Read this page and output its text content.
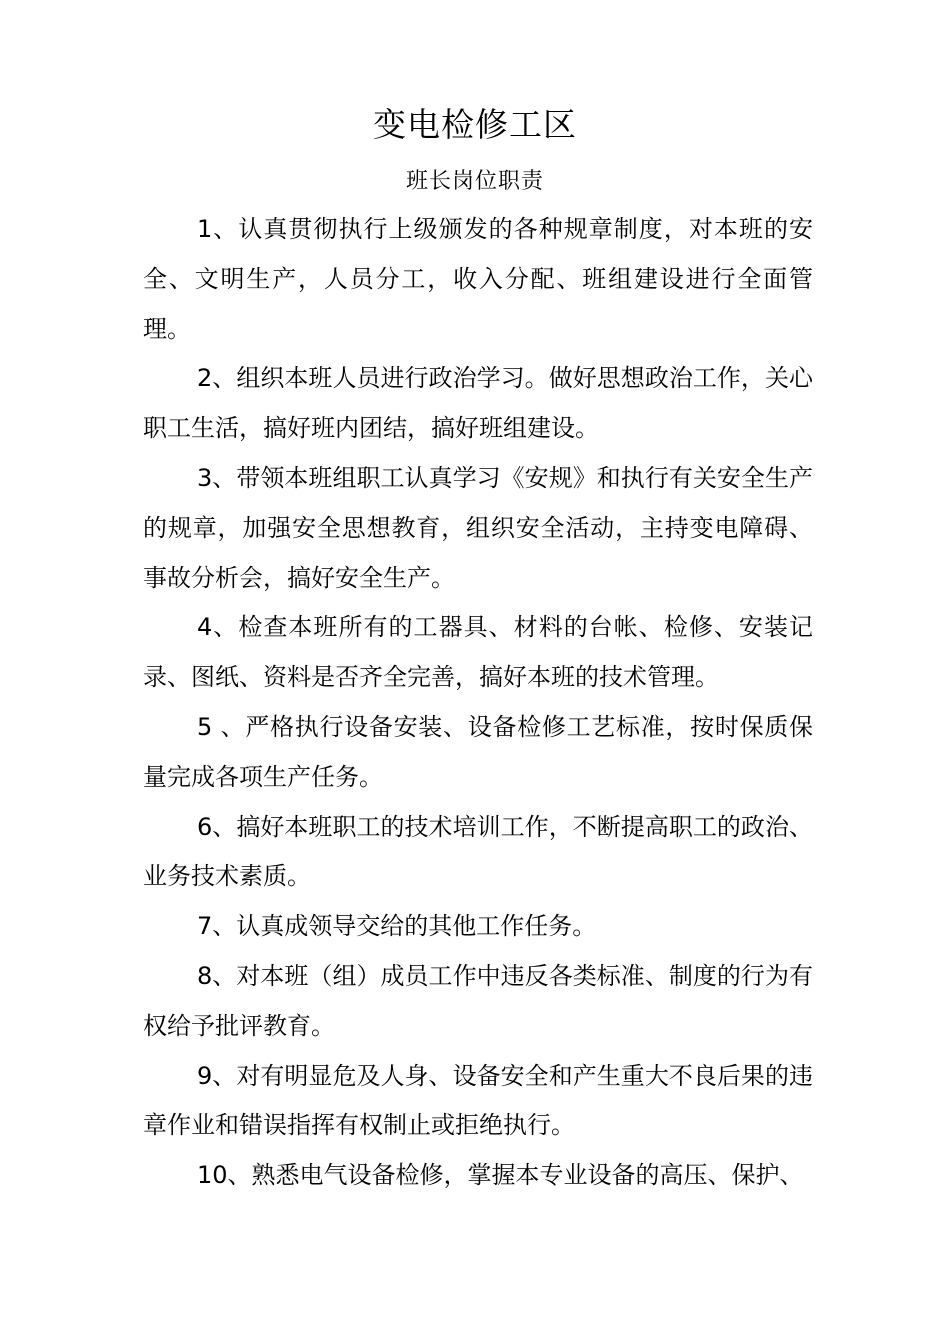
变电检修工区
班长岗位职责

1、认真贯彻执行上级颁发的各种规章制度，对本班的安全、文明生产，人员分工，收入分配、班组建设进行全面管理。

2、组织本班人员进行政治学习。做好思想政治工作，关心职工生活，搞好班内团结，搞好班组建设。

3、带领本班组职工认真学习《安规》和执行有关安全生产的规章，加强安全思想教育，组织安全活动，主持变电障碍、事故分析会，搞好安全生产。

4、检查本班所有的工器具、材料的台帐、检修、安装记录、图纸、资料是否齐全完善，搞好本班的技术管理。

5 、严格执行设备安装、设备检修工艺标准，按时保质保量完成各项生产任务。

6、搞好本班职工的技术培训工作，不断提高职工的政治、业务技术素质。

7、认真成领导交给的其他工作任务。

8、对本班（组）成员工作中违反各类标准、制度的行为有权给予批评教育。

9、对有明显危及人身、设备安全和产生重大不良后果的违章作业和错误指挥有权制止或拒绝执行。

10、熟悉电气设备检修，掌握本专业设备的高压、保护、
